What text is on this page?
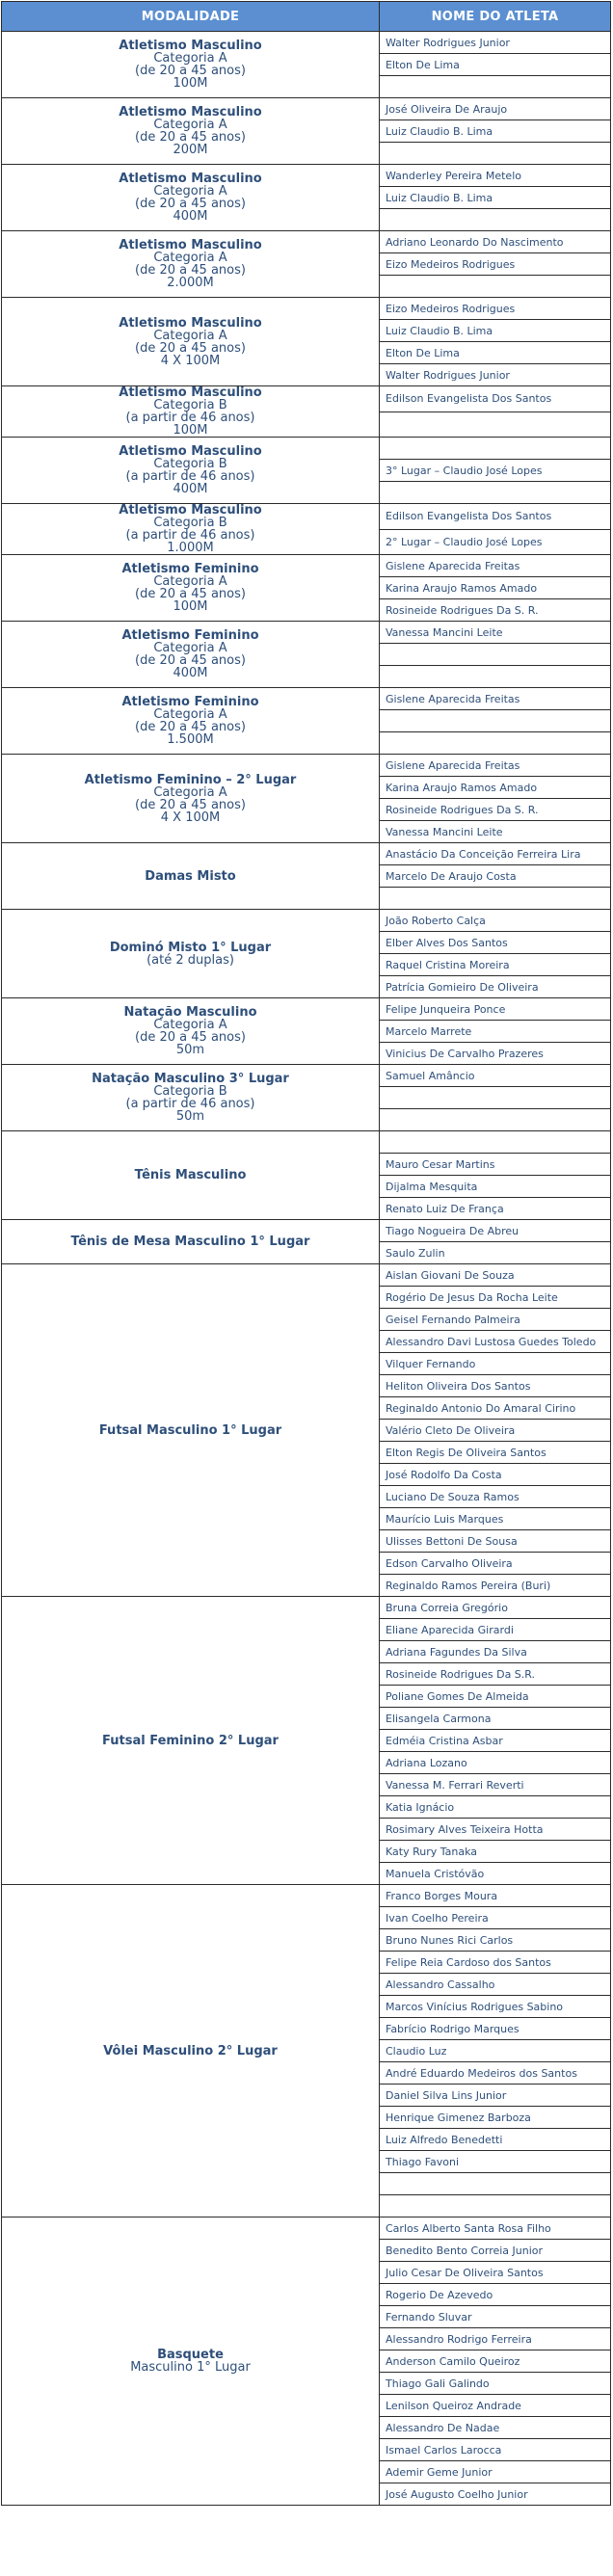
MODALIDADE	NOME DO ATLETA

Atletismo Masculino
Categoria A
(de 20 a 45 anos)
100M	Walter Rodrigues Junior
	Elton De Lima

Atletismo Masculino
Categoria A
(de 20 a 45 anos)
200M	José Oliveira De Araujo
	Luiz Claudio B. Lima

Atletismo Masculino
Categoria A
(de 20 a 45 anos)
400M	Wanderley Pereira Metelo
	Luiz Claudio B. Lima

Atletismo Masculino
Categoria A
(de 20 a 45 anos)
2.000M	Adriano Leonardo Do Nascimento
	Eizo Medeiros Rodrigues

Atletismo Masculino
Categoria A
(de 20 a 45 anos)
4 X 100M	Eizo Medeiros Rodrigues
	Luiz Claudio B. Lima
	Elton De Lima
	Walter Rodrigues Junior

Atletismo Masculino
Categoria B
(a partir de 46 anos)
100M	Edilson Evangelista Dos Santos

Atletismo Masculino
Categoria B
(a partir de 46 anos)
400M	

	3° Lugar – Claudio José Lopes

Atletismo Masculino
Categoria B
(a partir de 46 anos)
1.000M	Edilson Evangelista Dos Santos
	2° Lugar – Claudio José Lopes

Atletismo Feminino
Categoria A
(de 20 a 45 anos)
100M	Gislene Aparecida Freitas
	Karina Araujo Ramos Amado
	Rosineide Rodrigues Da S. R.

Atletismo Feminino
Categoria A
(de 20 a 45 anos)
400M	Vanessa Mancini Leite

Atletismo Feminino
Categoria A
(de 20 a 45 anos)
1.500M	Gislene Aparecida Freitas

Atletismo Feminino – 2° Lugar
Categoria A
(de 20 a 45 anos)
4 X 100M	Gislene Aparecida Freitas
	Karina Araujo Ramos Amado
	Rosineide Rodrigues Da S. R.
	Vanessa Mancini Leite

Damas Misto	Anastácio Da Conceição Ferreira Lira
	Marcelo De Araujo Costa

Dominó Misto 1° Lugar
(até 2 duplas)	João Roberto Calça
	Elber Alves Dos Santos
	Raquel Cristina Moreira
	Patrícia Gomieiro De Oliveira

Natação Masculino
Categoria A
(de 20 a 45 anos)
50m	Felipe Junqueira Ponce
	Marcelo Marrete
	Vinicius De Carvalho Prazeres

Natação Masculino 3° Lugar
Categoria B
(a partir de 46 anos)
50m	Samuel Amâncio

Tênis Masculino	

	Mauro Cesar Martins
	Dijalma Mesquita
	Renato Luiz De França

Tênis de Mesa Masculino 1° Lugar	Tiago Nogueira De Abreu
	Saulo Zulin

Futsal Masculino 1° Lugar	Aislan Giovani De Souza
	Rogério De Jesus Da Rocha Leite
	Geisel Fernando Palmeira
	Alessandro Davi Lustosa Guedes Toledo
	Vilquer Fernando
	Heliton Oliveira Dos Santos
	Reginaldo Antonio Do Amaral Cirino
	Valério Cleto De Oliveira
	Elton Regis De Oliveira Santos
	José Rodolfo Da Costa
	Luciano De Souza Ramos
	Maurício Luis Marques
	Ulisses Bettoni De Sousa
	Edson Carvalho Oliveira
	Reginaldo Ramos Pereira (Buri)

Futsal Feminino 2° Lugar	Bruna Correia Gregório
	Eliane Aparecida Girardi
	Adriana Fagundes Da Silva
	Rosineide Rodrigues Da S.R.
	Poliane Gomes De Almeida
	Elisangela Carmona
	Edméia Cristina Asbar
	Adriana Lozano
	Vanessa M. Ferrari Reverti
	Katia Ignácio
	Rosimary Alves Teixeira Hotta
	Katy Rury Tanaka
	Manuela Cristóvão

Vôlei Masculino 2° Lugar	Franco Borges Moura
	Ivan Coelho Pereira
	Bruno Nunes Rici Carlos
	Felipe Reia Cardoso dos Santos
	Alessandro Cassalho
	Marcos Vinícius Rodrigues Sabino
	Fabrício Rodrigo Marques
	Claudio Luz
	André Eduardo Medeiros dos Santos
	Daniel Silva Lins Junior
	Henrique Gimenez Barboza
	Luiz Alfredo Benedetti
	Thiago Favoni

Basquete
Masculino 1° Lugar	Carlos Alberto Santa Rosa Filho
	Benedito Bento Correia Junior
	Julio Cesar De Oliveira Santos
	Rogerio De Azevedo
	Fernando Sluvar
	Alessandro Rodrigo Ferreira
	Anderson Camilo Queiroz
	Thiago Gali Galindo
	Lenilson Queiroz Andrade
	Alessandro De Nadae
	Ismael Carlos Larocca
	Ademir Geme Junior
	José Augusto Coelho Junior
